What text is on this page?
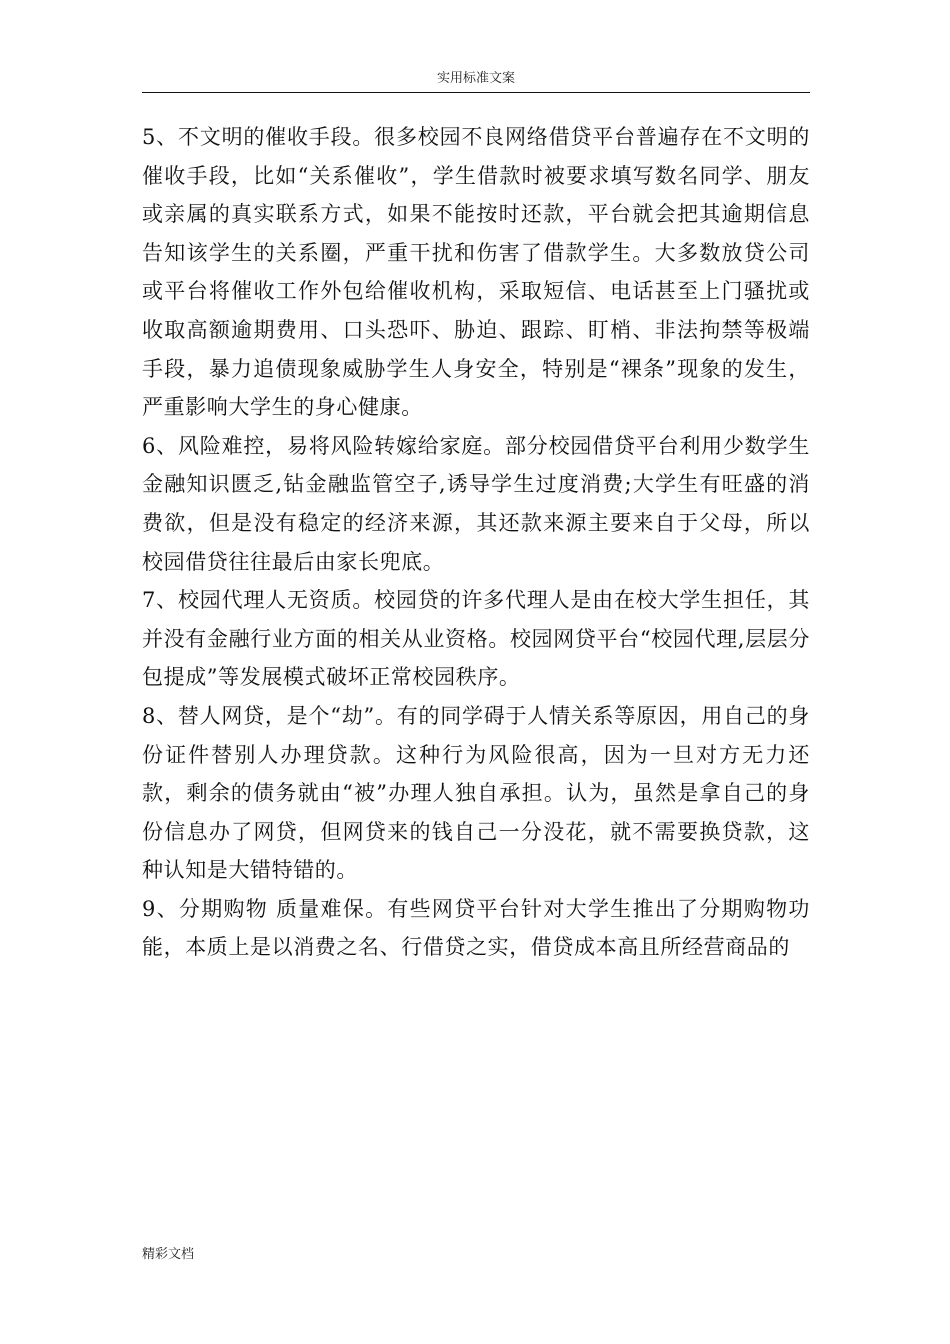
实用标准文案

5、不文明的催收手段。很多校园不良网络借贷平台普遍存在不文明的催收手段，比如“关系催收”，学生借款时被要求填写数名同学、朋友或亲属的真实联系方式，如果不能按时还款，平台就会把其逾期信息告知该学生的关系圈，严重干扰和伤害了借款学生。大多数放贷公司或平台将催收工作外包给催收机构，采取短信、电话甚至上门骚扰或收取高额逾期费用、口头恐吓、胁迫、跟踪、盯梢、非法拘禁等极端手段，暴力追债现象威胁学生人身安全，特别是“裸条”现象的发生，严重影响大学生的身心健康。

6、风险难控，易将风险转嫁给家庭。部分校园借贷平台利用少数学生金融知识匮乏,钻金融监管空子,诱导学生过度消费;大学生有旺盛的消费欲，但是没有稳定的经济来源，其还款来源主要来自于父母，所以校园借贷往往最后由家长兜底。

7、校园代理人无资质。校园贷的许多代理人是由在校大学生担任，其并没有金融行业方面的相关从业资格。校园网贷平台“校园代理,层层分包提成”等发展模式破坏正常校园秩序。

8、替人网贷，是个“劫”。有的同学碍于人情关系等原因，用自己的身份证件替别人办理贷款。这种行为风险很高，因为一旦对方无力还款，剩余的债务就由“被”办理人独自承担。认为，虽然是拿自己的身份信息办了网贷，但网贷来的钱自己一分没花，就不需要换贷款，这种认知是大错特错的。

9、分期购物 质量难保。有些网贷平台针对大学生推出了分期购物功能，本质上是以消费之名、行借贷之实，借贷成本高且所经营商品的

精彩文档
